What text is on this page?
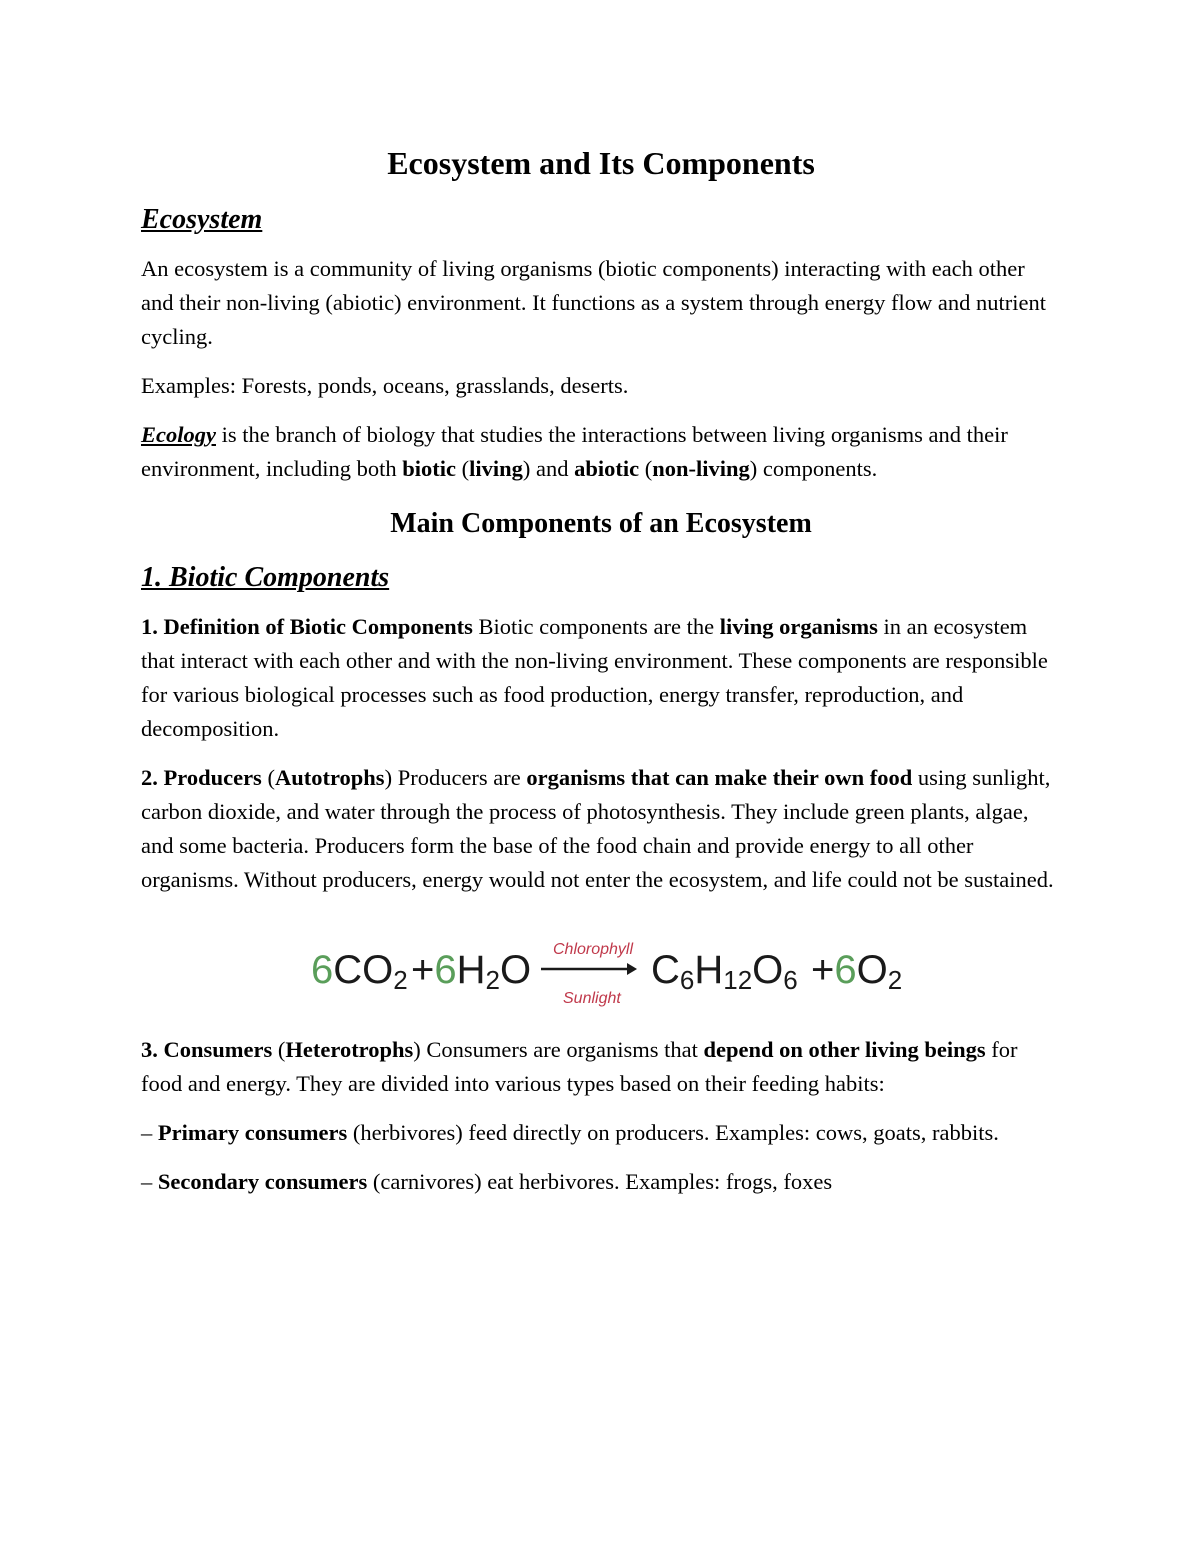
Ecosystem and Its Components
Ecosystem

An ecosystem is a community of living organisms (biotic components) interacting with each other and their non-living (abiotic) environment. It functions as a system through energy flow and nutrient cycling.

Examples: Forests, ponds, oceans, grasslands, deserts.

Ecology is the branch of biology that studies the interactions between living organisms and their environment, including both biotic (living) and abiotic (non-living) components.

Main Components of an Ecosystem
1. Biotic Components

1. Definition of Biotic Components Biotic components are the living organisms in an ecosystem that interact with each other and with the non-living environment. These components are responsible for various biological processes such as food production, energy transfer, reproduction, and decomposition.

2. Producers (Autotrophs) Producers are organisms that can make their own food using sunlight, carbon dioxide, and water through the process of photosynthesis. They include green plants, algae, and some bacteria. Producers form the base of the food chain and provide energy to all other organisms. Without producers, energy would not enter the ecosystem, and life could not be sustained.

6CO2 +6H2O Chlorophyll
Sunlight
C6H12O6 +6O2

3. Consumers (Heterotrophs) Consumers are organisms that depend on other living beings for food and energy. They are divided into various types based on their feeding habits:

– Primary consumers (herbivores) feed directly on producers. Examples: cows, goats, rabbits.

– Secondary consumers (carnivores) eat herbivores. Examples: frogs, foxes
